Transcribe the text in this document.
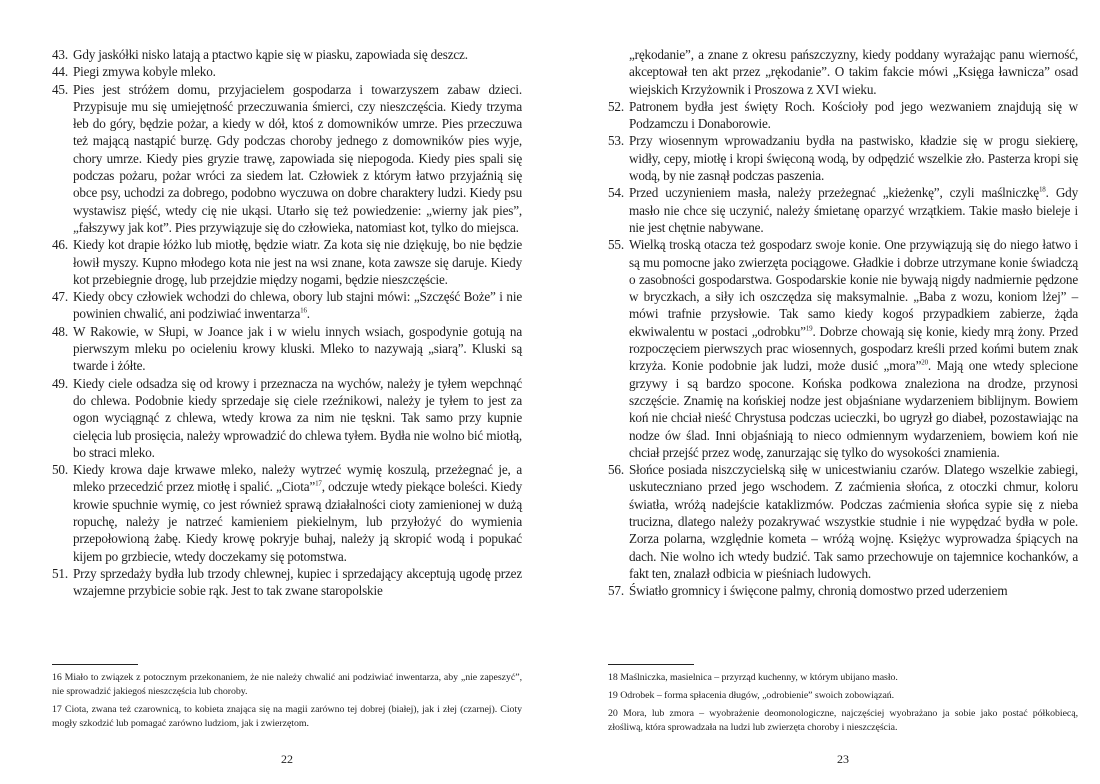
43. Gdy jaskółki nisko latają a ptactwo kąpie się w piasku, zapowiada się deszcz.

44. Piegi zmywa kobyle mleko.

45. Pies jest stróżem domu, przyjacielem gospodarza i towarzyszem zabaw dzieci. Przypisuje mu się umiejętność przeczuwania śmierci, czy nieszczęścia. Kiedy trzyma łeb do góry, będzie pożar, a kiedy w dół, ktoś z domowników umrze. Pies przeczuwa też mającą nastąpić burzę. Gdy podczas choroby jednego z domowników pies wyje, chory umrze. Kiedy pies gryzie trawę, zapowiada się niepogoda. Kiedy pies spali się podczas pożaru, pożar wróci za siedem lat. Człowiek z którym łatwo przyjaźnią się obce psy, uchodzi za dobrego, podobno wyczuwa on dobre charaktery ludzi. Kiedy psu wystawisz pięść, wtedy cię nie ukąsi. Utarło się też powiedzenie: „wierny jak pies”, „fałszywy jak kot”. Pies przywiązuje się do człowieka, natomiast kot, tylko do miejsca.

46. Kiedy kot drapie łóżko lub miotłę, będzie wiatr. Za kota się nie dziękuję, bo nie będzie łowił myszy. Kupno młodego kota nie jest na wsi znane, kota zawsze się daruje. Kiedy kot przebiegnie drogę, lub przejdzie między nogami, będzie nieszczęście.

47. Kiedy obcy człowiek wchodzi do chlewa, obory lub stajni mówi: „Szczęść Boże” i nie powinien chwalić, ani podziwiać inwentarza$^{16}$.

48. W Rakowie, w Słupi, w Joance jak i w wielu innych wsiach, gospodynie gotują na pierwszym mleku po ocieleniu krowy kluski. Mleko to nazywają „siarą”. Kluski są twarde i żółte.

49. Kiedy ciele odsadza się od krowy i przeznacza na wychów, należy je tyłem wepchnąć do chlewa. Podobnie kiedy sprzedaje się ciele rzeźnikowi, należy je tyłem to jest za ogon wyciągnąć z chlewa, wtedy krowa za nim nie tęskni. Tak samo przy kupnie cielęcia lub prosięcia, należy wprowadzić do chlewa tyłem. Bydła nie wolno bić miotłą, bo straci mleko.

50. Kiedy krowa daje krwawe mleko, należy wytrzeć wymię koszulą, przeżegnać je, a mleko przecedzić przez miotłę i spalić. „Ciota”$^{17}$, odczuje wtedy piekące boleści. Kiedy krowie spuchnie wymię, co jest również sprawą działalności cioty zamienionej w dużą ropuchę, należy je natrzeć kamieniem piekielnym, lub przyłożyć do wymienia przepołowioną żabę. Kiedy krowę pokryje buhaj, należy ją skropić wodą i popukać kijem po grzbiecie, wtedy doczekamy się potomstwa.

51. Przy sprzedaży bydła lub trzody chlewnej, kupiec i sprzedający akceptują ugodę przez wzajemne przybicie sobie rąk. Jest to tak zwane staropolskie

16 Miało to związek z potocznym przekonaniem, że nie należy chwalić ani podziwiać inwentarza, aby „nie zapeszyć”, nie sprowadzić jakiegoś nieszczęścia lub choroby.

17 Ciota, zwana też czarownicą, to kobieta znająca się na magii zarówno tej dobrej (białej), jak i złej (czarnej). Cioty mogły szkodzić lub pomagać zarówno ludziom, jak i zwierzętom.

22

„rękodanie”, a znane z okresu pańszczyzny, kiedy poddany wyrażając panu wierność, akceptował ten akt przez „rękodanie”. O takim fakcie mówi „Księga ławnicza” osad wiejskich Krzyżownik i Proszowa z XVI wieku.

52. Patronem bydła jest święty Roch. Kościoły pod jego wezwaniem znajdują się w Podzamczu i Donaborowie.

53. Przy wiosennym wprowadzaniu bydła na pastwisko, kładzie się w progu siekierę, widły, cepy, miotłę i kropi święconą wodą, by odpędzić wszelkie zło. Pasterza kropi się wodą, by nie zasnął podczas paszenia.

54. Przed uczynieniem masła, należy przeżegnać „kieżenkę”, czyli maślniczkę$^{18}$. Gdy masło nie chce się uczynić, należy śmietanę oparzyć wrzątkiem. Takie masło bieleje i nie jest chętnie nabywane.

55. Wielką troską otacza też gospodarz swoje konie. One przywiązują się do niego łatwo i są mu pomocne jako zwierzęta pociągowe. Gładkie i dobrze utrzymane konie świadczą o zasobności gospodarstwa. Gospodarskie konie nie bywają nigdy nadmiernie pędzone w bryczkach, a siły ich oszczędza się maksymalnie. „Baba z wozu, koniom lżej” – mówi trafnie przysłowie. Tak samo kiedy kogoś przypadkiem zabierze, żąda ekwiwalentu w postaci „odrobku”$^{19}$. Dobrze chowają się konie, kiedy mrą żony. Przed rozpoczęciem pierwszych prac wiosennych, gospodarz kreśli przed końmi butem znak krzyża. Konie podobnie jak ludzi, może dusić „mora”$^{20}$. Mają one wtedy splecione grzywy i są bardzo spocone. Końska podkowa znaleziona na drodze, przynosi szczęście. Znamię na końskiej nodze jest objaśniane wydarzeniem biblijnym. Bowiem koń nie chciał nieść Chrystusa podczas ucieczki, bo ugryzł go diabeł, pozostawiając na nodze ów ślad. Inni objaśniają to nieco odmiennym wydarzeniem, bowiem koń nie chciał przejść przez wodę, zanurzając się tylko do wysokości znamienia.

56. Słońce posiada niszczycielską siłę w unicestwianiu czarów. Dlatego wszelkie zabiegi, uskuteczniano przed jego wschodem. Z zaćmienia słońca, z otoczki chmur, koloru światła, wróżą nadejście kataklizmów. Podczas zaćmienia słońca sypie się z nieba trucizna, dlatego należy pozakrywać wszystkie studnie i nie wypędzać bydła w pole. Zorza polarna, względnie kometa – wróżą wojnę. Księżyc wyprowadza śpiących na dach. Nie wolno ich wtedy budzić. Tak samo przechowuje on tajemnice kochanków, a fakt ten, znalazł odbicia w pieśniach ludowych.

57. Światło gromnicy i święcone palmy, chronią domostwo przed uderzeniem

18 Maślniczka, masielnica – przyrząd kuchenny, w którym ubijano masło.

19 Odrobek – forma spłacenia długów, „odrobienie” swoich zobowiązań.

20 Mora, lub zmora – wyobrażenie deomonologiczne, najczęściej wyobrażano ja sobie jako postać półkobiecą, złośliwą, która sprowadzała na ludzi lub zwierzęta choroby i nieszczęścia.

23
